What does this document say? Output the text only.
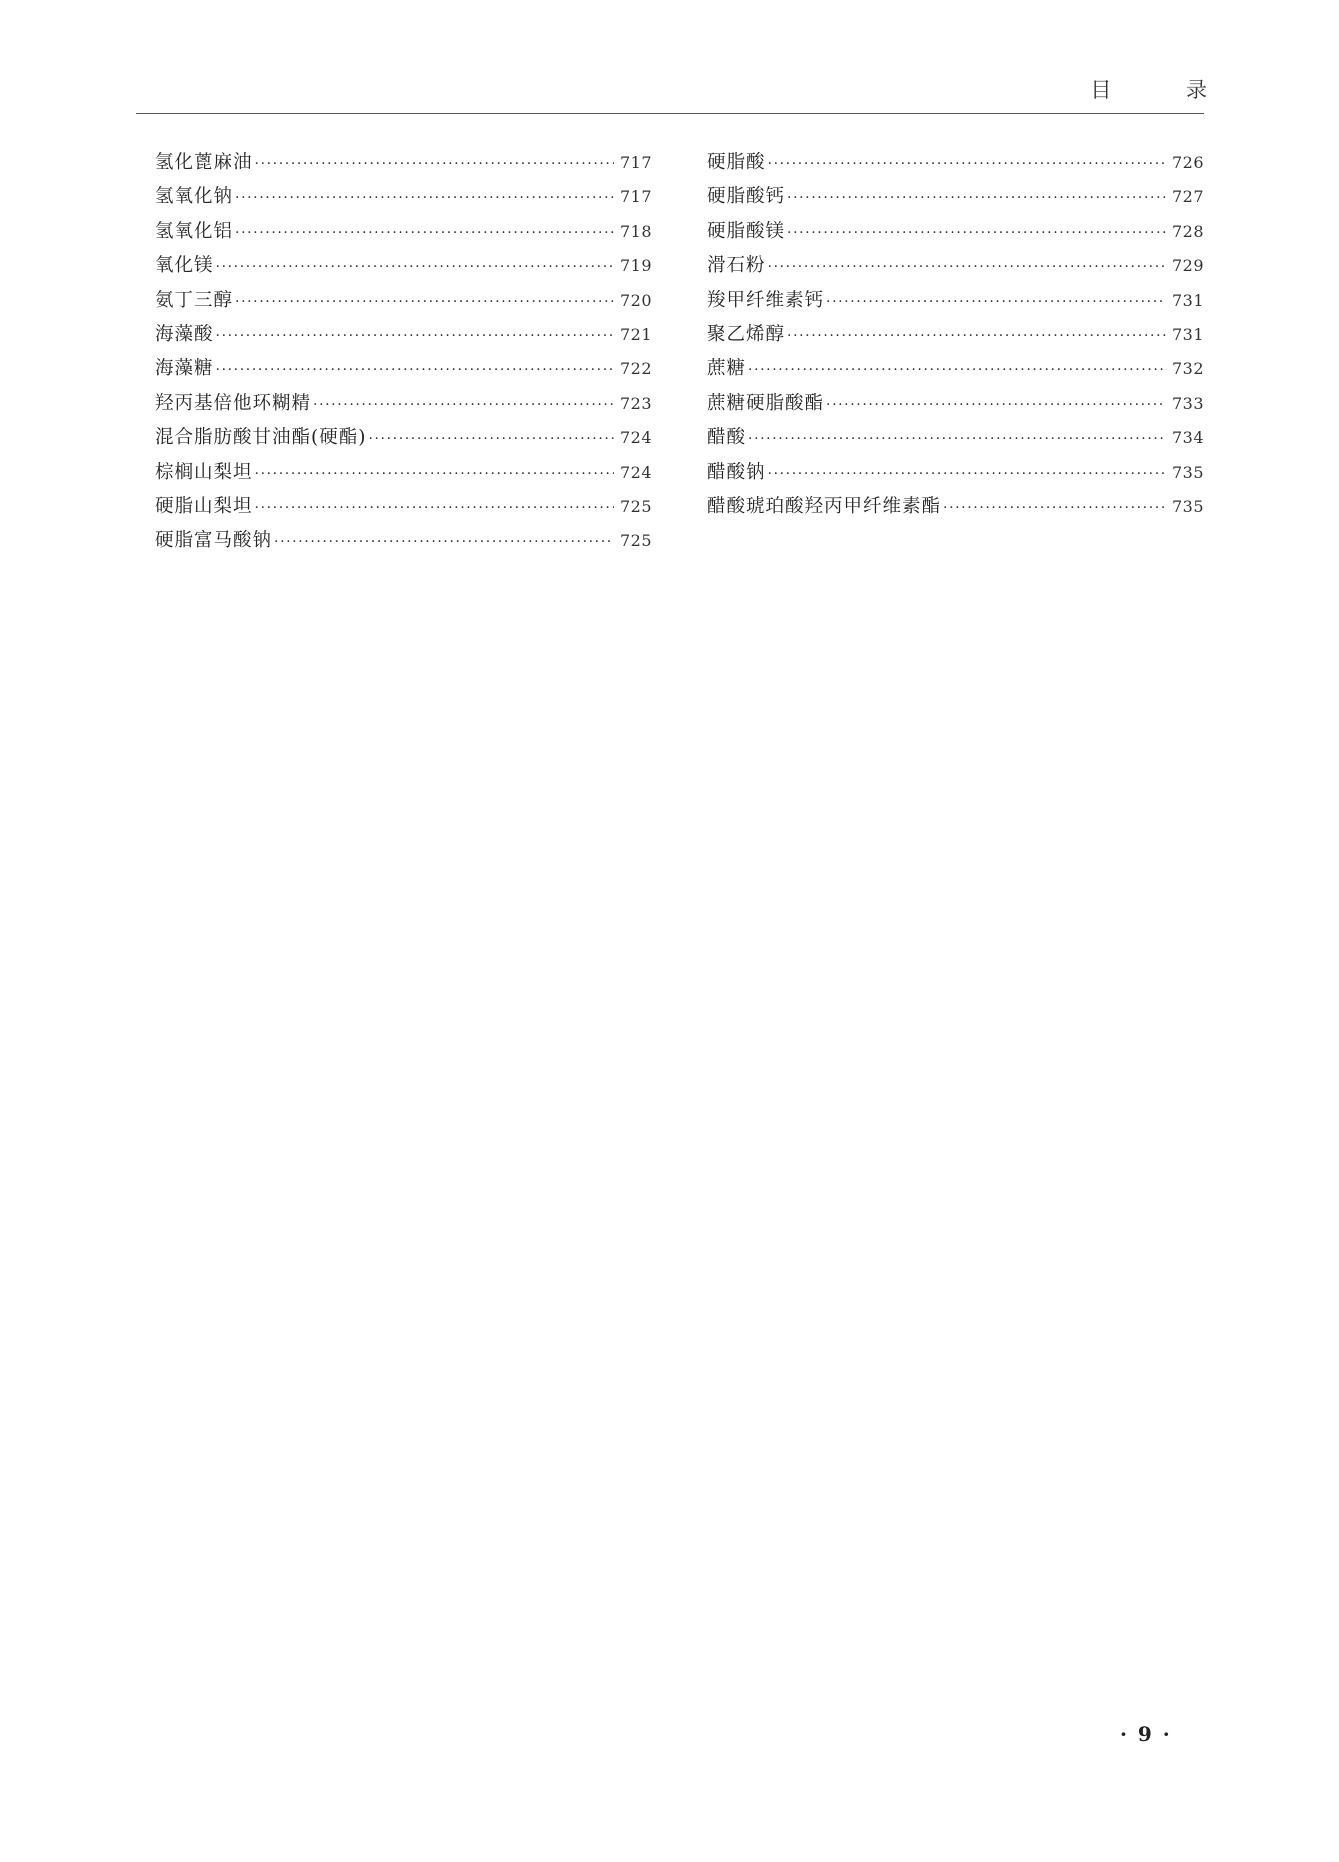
目 录
氢化蓖麻油 ·····	717
氢氧化钠 ·····	717
氢氧化铝 ·····	718
氧化镁 ·····	719
氨丁三醇 ·····	720
海藻酸 ·····	721
海藻糖 ·····	722
羟丙基倍他环糊精 ·····	723
混合脂肪酸甘油酯(硬酯) ·····	724
棕榈山梨坦 ·····	724
硬脂山梨坦 ·····	725
硬脂富马酸钠 ·····	725
硬脂酸 ·····	726
硬脂酸钙 ·····	727
硬脂酸镁 ·····	728
滑石粉 ·····	729
羧甲纤维素钙 ·····	731
聚乙烯醇 ·····	731
蔗糖 ·····	732
蔗糖硬脂酸酯 ·····	733
醋酸 ·····	734
醋酸钠 ·····	735
醋酸琥珀酸羟丙甲纤维素酯 ·····	735
· 9 ·
